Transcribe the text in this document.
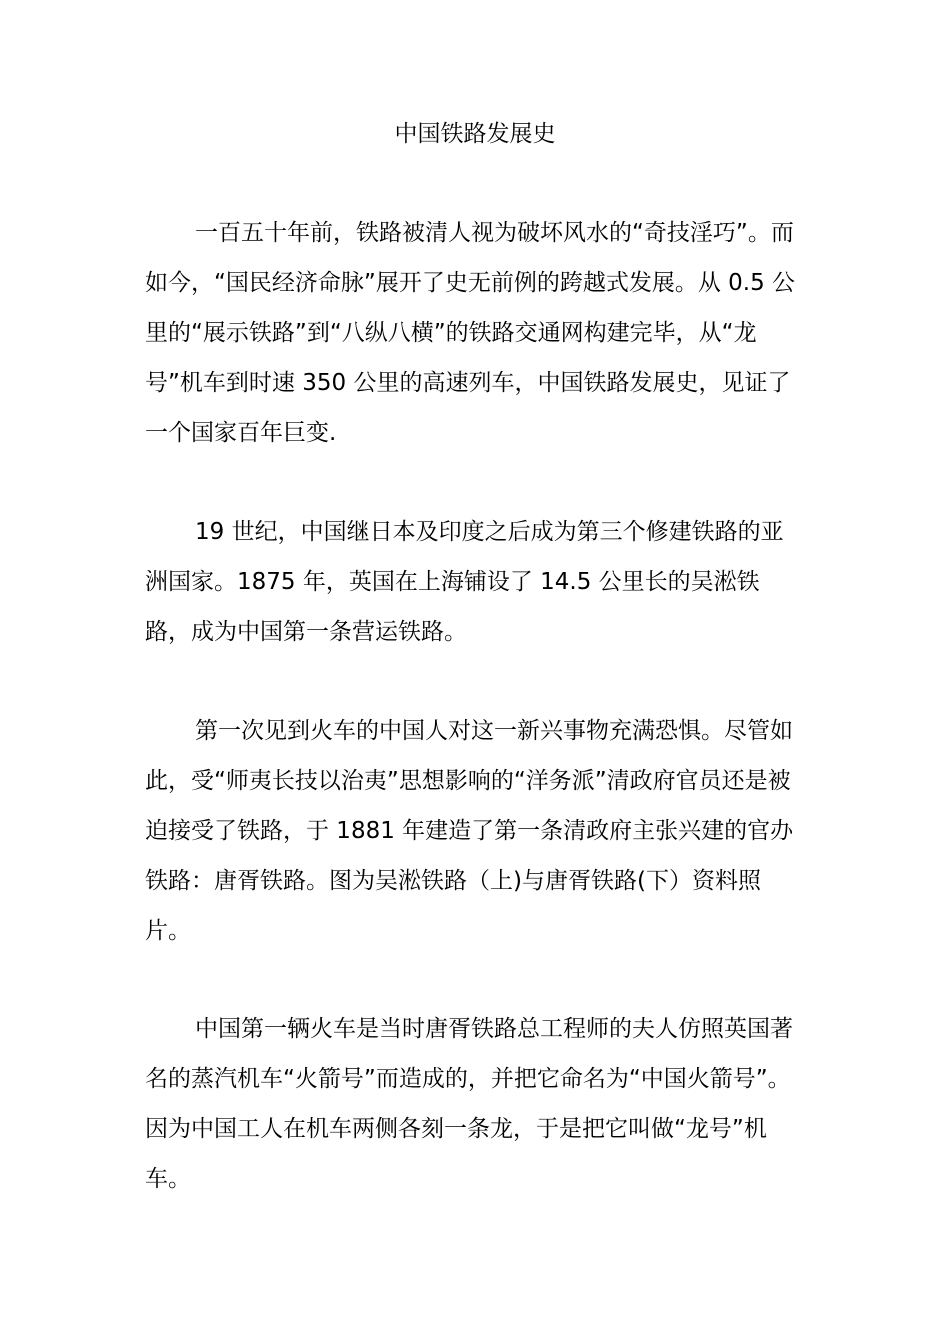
中国铁路发展史

一百五十年前，铁路被清人视为破坏风水的“奇技淫巧”。而如今，“国民经济命脉”展开了史无前例的跨越式发展。从 0.5 公里的“展示铁路”到“八纵八横”的铁路交通网构建完毕，从“龙号”机车到时速 350 公里的高速列车，中国铁路发展史，见证了一个国家百年巨变.

19 世纪，中国继日本及印度之后成为第三个修建铁路的亚洲国家。1875 年，英国在上海铺设了 14.5 公里长的吴淞铁路，成为中国第一条营运铁路。

第一次见到火车的中国人对这一新兴事物充满恐惧。尽管如此，受“师夷长技以治夷”思想影响的“洋务派”清政府官员还是被迫接受了铁路，于 1881 年建造了第一条清政府主张兴建的官办铁路：唐胥铁路。图为吴淞铁路（上)与唐胥铁路(下）资料照片。

中国第一辆火车是当时唐胥铁路总工程师的夫人仿照英国著名的蒸汽机车“火箭号”而造成的，并把它命名为“中国火箭号”。因为中国工人在机车两侧各刻一条龙，于是把它叫做“龙号”机车。
